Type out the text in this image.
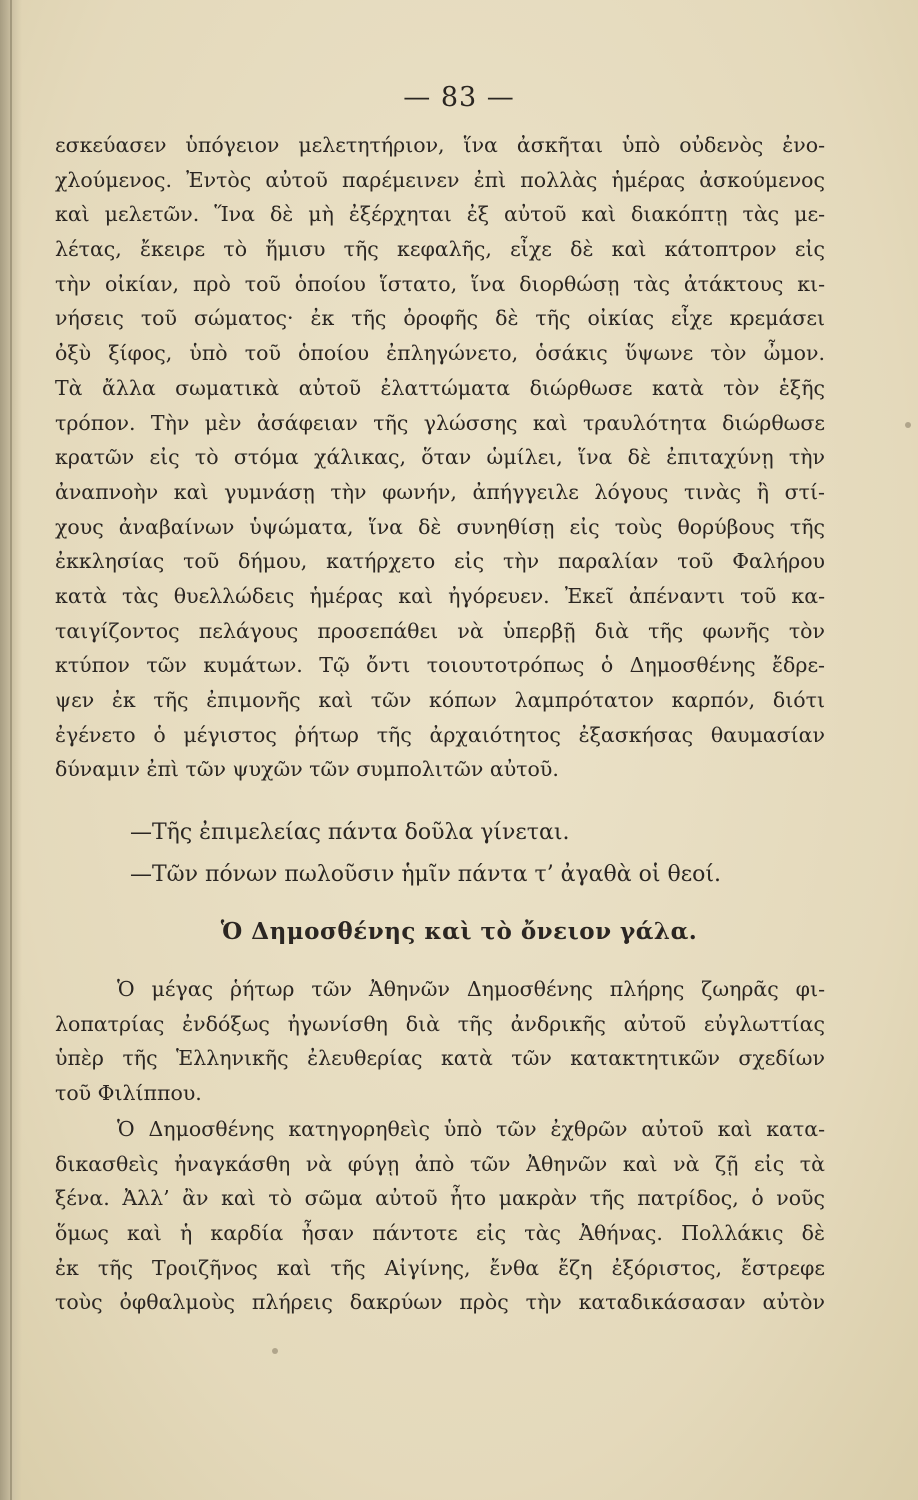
— 83 —
εσκεύασεν ὑπόγειον μελετητήριον, ἵνα ἀσκῆται ὑπὸ οὐδενὸς ἐνο-
χλούμενος. Ἐντὸς αὐτοῦ παρέμεινεν ἐπὶ πολλὰς ἡμέρας ἀσκούμενος
καὶ μελετῶν. Ἵνα δὲ μὴ ἐξέρχηται ἐξ αὐτοῦ καὶ διακόπτῃ τὰς με-
λέτας, ἔκειρε τὸ ἥμισυ τῆς κεφαλῆς, εἶχε δὲ καὶ κάτοπτρον εἰς
τὴν οἰκίαν, πρὸ τοῦ ὁποίου ἵστατο, ἵνα διορθώσῃ τὰς ἀτάκτους κι-
νήσεις τοῦ σώματος· ἐκ τῆς ὀροφῆς δὲ τῆς οἰκίας εἶχε κρεμάσει
ὀξὺ ξίφος, ὑπὸ τοῦ ὁποίου ἐπληγώνετο, ὁσάκις ὕψωνε τὸν ὦμον.
Τὰ ἄλλα σωματικὰ αὐτοῦ ἐλαττώματα διώρθωσε κατὰ τὸν ἑξῆς
τρόπον. Τὴν μὲν ἀσάφειαν τῆς γλώσσης καὶ τραυλότητα διώρθωσε
κρατῶν εἰς τὸ στόμα χάλικας, ὅταν ὡμίλει, ἵνα δὲ ἐπιταχύνῃ τὴν
ἀναπνοὴν καὶ γυμνάσῃ τὴν φωνήν, ἀπήγγειλε λόγους τινὰς ἢ στί-
χους ἀναβαίνων ὑψώματα, ἵνα δὲ συνηθίσῃ εἰς τοὺς θορύβους τῆς
ἐκκλησίας τοῦ δήμου, κατήρχετο εἰς τὴν παραλίαν τοῦ Φαλήρου
κατὰ τὰς θυελλώδεις ἡμέρας καὶ ἠγόρευεν. Ἐκεῖ ἀπέναντι τοῦ κα-
ταιγίζοντος πελάγους προσεπάθει νὰ ὑπερβῇ διὰ τῆς φωνῆς τὸν
κτύπον τῶν κυμάτων. Τῷ ὄντι τοιουτοτρόπως ὁ Δημοσθένης ἔδρε-
ψεν ἐκ τῆς ἐπιμονῆς καὶ τῶν κόπων λαμπρότατον καρπόν, διότι
ἐγένετο ὁ μέγιστος ῥήτωρ τῆς ἀρχαιότητος ἐξασκήσας θαυμασίαν
δύναμιν ἐπὶ τῶν ψυχῶν τῶν συμπολιτῶν αὐτοῦ.
—Τῆς ἐπιμελείας πάντα δοῦλα γίνεται.
—Τῶν πόνων πωλοῦσιν ἡμῖν πάντα τ’ ἀγαθὰ οἱ θεοί.
Ὁ Δημοσθένης καὶ τὸ ὄνειον γάλα.
Ὁ μέγας ῥήτωρ τῶν Ἀθηνῶν Δημοσθένης πλήρης ζωηρᾶς φι-
λοπατρίας ἐνδόξως ἠγωνίσθη διὰ τῆς ἀνδρικῆς αὐτοῦ εὐγλωττίας
ὑπὲρ τῆς Ἑλληνικῆς ἐλευθερίας κατὰ τῶν κατακτητικῶν σχεδίων
τοῦ Φιλίππου.
Ὁ Δημοσθένης κατηγορηθεὶς ὑπὸ τῶν ἐχθρῶν αὐτοῦ καὶ κατα-
δικασθεὶς ἠναγκάσθη νὰ φύγῃ ἀπὸ τῶν Ἀθηνῶν καὶ νὰ ζῇ εἰς τὰ
ξένα. Ἀλλ’ ἂν καὶ τὸ σῶμα αὐτοῦ ἦτο μακρὰν τῆς πατρίδος, ὁ νοῦς
ὅμως καὶ ἡ καρδία ἦσαν πάντοτε εἰς τὰς Ἀθήνας. Πολλάκις δὲ
ἐκ τῆς Τροιζῆνος καὶ τῆς Αἰγίνης, ἔνθα ἔζη ἐξόριστος, ἔστρεφε
τοὺς ὀφθαλμοὺς πλήρεις δακρύων πρὸς τὴν καταδικάσασαν αὐτὸν
